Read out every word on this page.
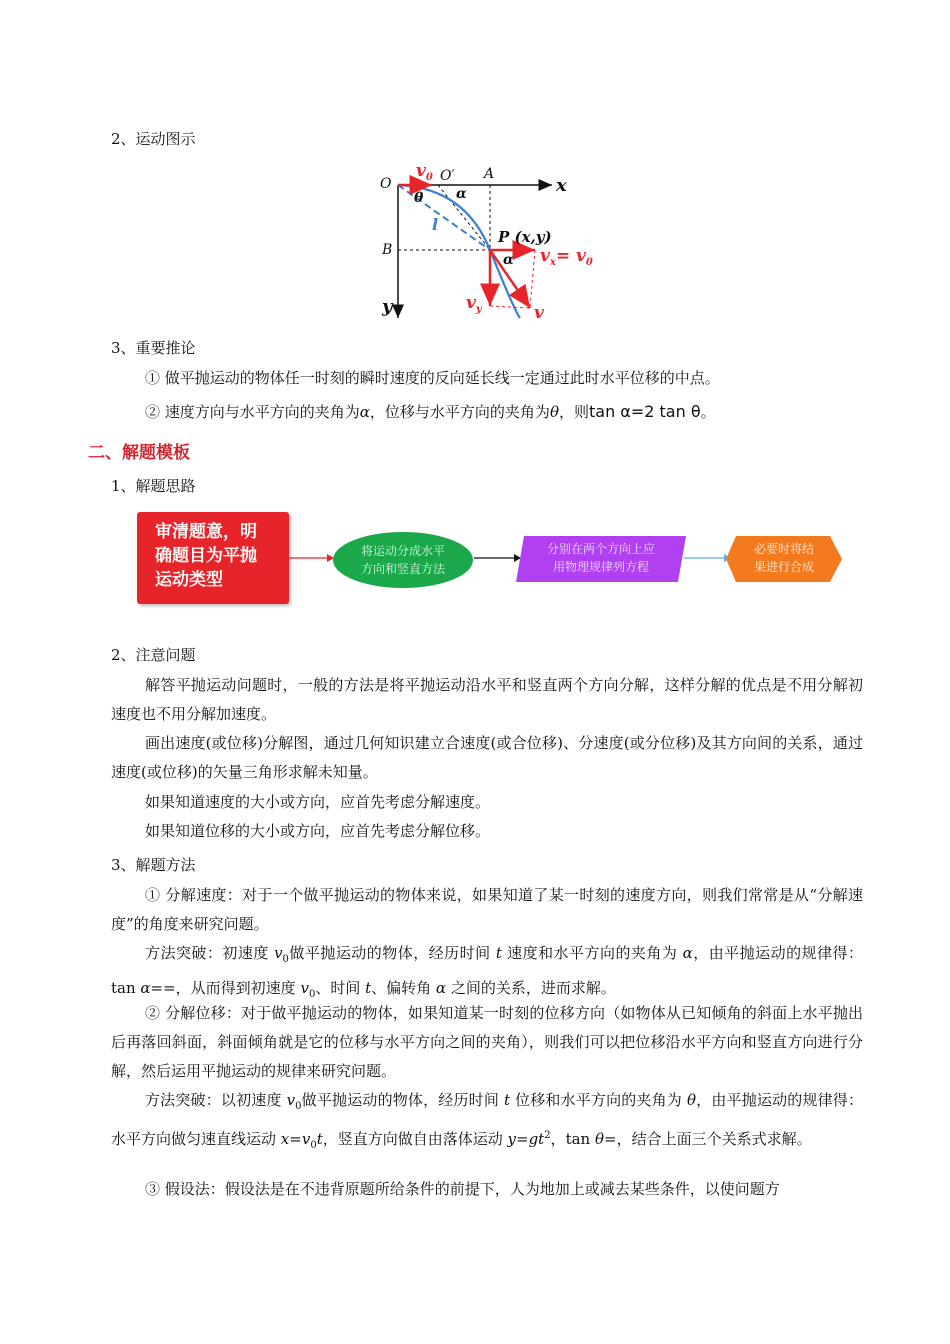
2、运动图示
O
$v_0$ O′ A
x
θ α
l
B
P (x,y)
α $v_x= v_0$
y	$v_y$	v
3、重要推论
① 做平抛运动的物体任一时刻的瞬时速度的反向延长线一定通过此时水平位移的中点。
② 速度方向与水平方向的夹角为α，位移与水平方向的夹角为θ，则tan α=2 tan θ。
二、解题模板
1、解题思路
审清题意，明确题目为平抛运动类型
将运动分成水平
方向和竖直方法
分别在两个方向上应
用物理规律列方程
必要时将结
果进行合成
2、注意问题
解答平抛运动问题时，一般的方法是将平抛运动沿水平和竖直两个方向分解，这样分解的优点是不用分解初速度也不用分解加速度。
画出速度(或位移)分解图，通过几何知识建立合速度(或合位移)、分速度(或分位移)及其方向间的关系，通过速度(或位移)的矢量三角形求解未知量。
如果知道速度的大小或方向，应首先考虑分解速度。
如果知道位移的大小或方向，应首先考虑分解位移。
3、解题方法
① 分解速度：对于一个做平抛运动的物体来说，如果知道了某一时刻的速度方向，则我们常常是从“分解速度”的角度来研究问题。
方法突破：初速度 $v_0$做平抛运动的物体，经历时间 t 速度和水平方向的夹角为 α，由平抛运动的规律得：tan α==，从而得到初速度 $v_0$、时间 t、偏转角 α 之间的关系，进而求解。
② 分解位移：对于做平抛运动的物体，如果知道某一时刻的位移方向（如物体从已知倾角的斜面上水平抛出后再落回斜面，斜面倾角就是它的位移与水平方向之间的夹角），则我们可以把位移沿水平方向和竖直方向进行分解，然后运用平抛运动的规律来研究问题。
方法突破：以初速度 $v_0$做平抛运动的物体，经历时间 t 位移和水平方向的夹角为 θ，由平抛运动的规律得：水平方向做匀速直线运动 $x=v_0t$，竖直方向做自由落体运动 $y=gt^2$，tan θ=，结合上面三个关系式求解。
③ 假设法：假设法是在不违背原题所给条件的前提下，人为地加上或减去某些条件，以使问题方
